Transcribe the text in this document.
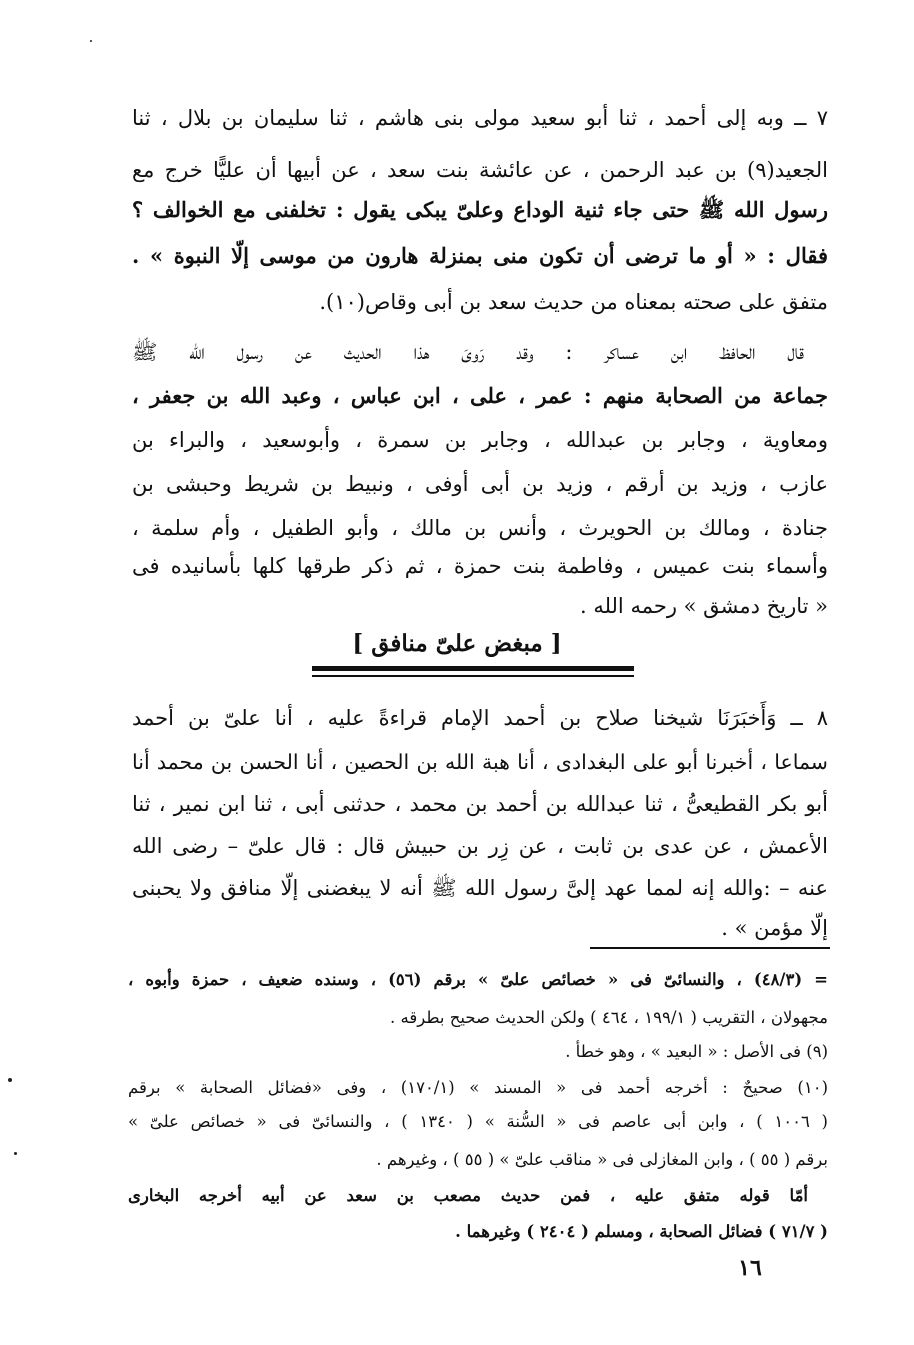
٧ ــ وبه إلى أحمد ، ثنا أبو سعيد مولى بنى هاشم ، ثنا سليمان بن بلال ، ثنا
الجعيد(٩) بن عبد الرحمن ، عن عائشة بنت سعد ، عن أبيها أن عليًّا خرج مع
رسول الله ﷺ حتى جاء ثنية الوداع وعلىّ يبكى يقول : تخلفنى مع الخوالف ؟
فقال : « أو ما ترضى أن تكون منى بمنزلة هارون من موسى إلّا النبوة » .
متفق على صحته بمعناه من حديث سعد بن أبى وقاص(١٠).
قال الحافظ ابن عساكر : وقد رَوىَ هذا الحديث عن رسول الله ﷺ
جماعة من الصحابة منهم : عمر ، على ، ابن عباس ، وعبد الله بن جعفر ،
ومعاوية ، وجابر بن عبدالله ، وجابر بن سمرة ، وأبوسعيد ، والبراء بن
عازب ، وزيد بن أرقم ، وزيد بن أبى أوفى ، ونبيط بن شريط وحبشى بن
جنادة ، ومالك بن الحويرث ، وأنس بن مالك ، وأبو الطفيل ، وأم سلمة ،
وأسماء بنت عميس ، وفاطمة بنت حمزة ، ثم ذكر طرقها كلها بأسانيده فى
« تاريخ دمشق » رحمه الله .
[ مبغض علىّ منافق ]
٨ ــ وَأَخبَرَنَا شيخنا صلاح بن أحمد الإمام قراءةً عليه ، أنا علىّ بن أحمد
سماعا ، أخبرنا أبو على البغدادى ، أنا هبة الله بن الحصين ، أنا الحسن بن محمد أنا
أبو بكر القطيعىُّ ، ثنا عبدالله بن أحمد بن محمد ، حدثنى أبى ، ثنا ابن نمير ، ثنا
الأعمش ، عن عدى بن ثابت ، عن زِر بن حبيش قال : قال علىّ – رضى الله
عنه – :والله إنه لمما عهد إلىَّ رسول الله ﷺ أنه لا يبغضنى إلّا منافق ولا يحبنى
إلّا مؤمن » .
= (٤٨/٣) ، والنسائىّ فى « خصائص علىّ » برقم (٥٦) ، وسنده ضعيف ، حمزة وأبوه ،
مجهولان ، التقريب ( ١٩٩/١ ، ٤٦٤ ) ولكن الحديث صحيح بطرقه .
(٩) فى الأصل : « البعيد » ، وهو خطأ .
(١٠) صحيحٌ : أخرجه أحمد فى « المسند » (١٧٠/١) ، وفى «فضائل الصحابة » برقم
( ١٠٠٦ ) ، وابن أبى عاصم فى « السُّنة » ( ١٣٤٠ ) ، والنسائىّ فى « خصائص علىّ »
برقم ( ٥٥ ) ، وابن المغازلى فى « مناقب علىّ » ( ٥٥ ) ، وغيرهم .
أمّا قوله متفق عليه ، فمن حديث مصعب بن سعد عن أبيه أخرجه البخارى
( ٧١/٧ ) فضائل الصحابة ، ومسلم ( ٢٤٠٤ ) وغيرهما .
١٦
